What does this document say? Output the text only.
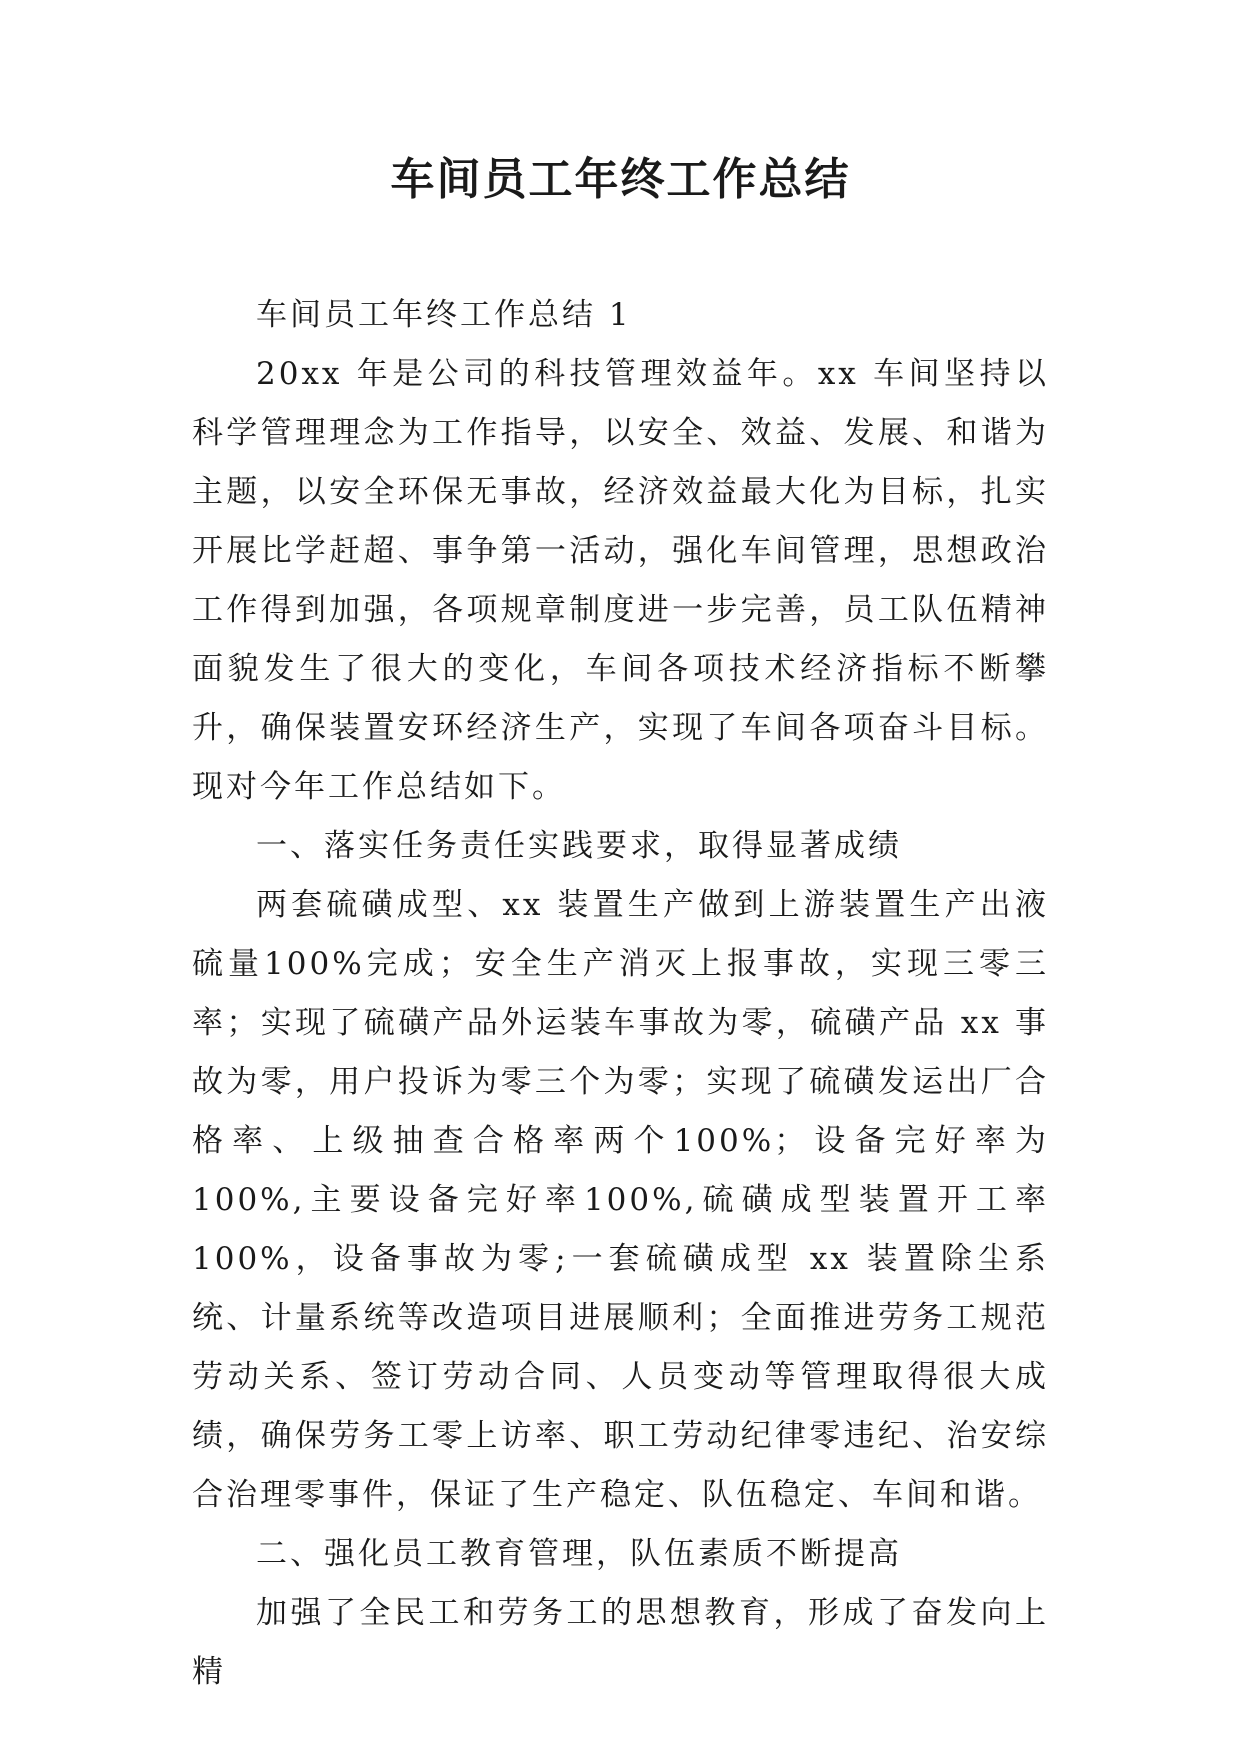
车间员工年终工作总结

车间员工年终工作总结 1

20xx 年是公司的科技管理效益年。xx 车间坚持以科学管理理念为工作指导，以安全、效益、发展、和谐为主题，以安全环保无事故，经济效益最大化为目标，扎实开展比学赶超、事争第一活动，强化车间管理，思想政治工作得到加强，各项规章制度进一步完善，员工队伍精神面貌发生了很大的变化，车间各项技术经济指标不断攀升，确保装置安环经济生产，实现了车间各项奋斗目标。现对今年工作总结如下。

一、落实任务责任实践要求，取得显著成绩

两套硫磺成型、xx 装置生产做到上游装置生产出液硫量100%完成；安全生产消灭上报事故，实现三零三率；实现了硫磺产品外运装车事故为零，硫磺产品 xx 事故为零，用户投诉为零三个为零；实现了硫磺发运出厂合格率、上级抽查合格率两个100%；设备完好率为100%,主要设备完好率100%,硫磺成型装置开工率 100%，设备事故为零;一套硫磺成型 xx 装置除尘系统、计量系统等改造项目进展顺利；全面推进劳务工规范劳动关系、签订劳动合同、人员变动等管理取得很大成绩，确保劳务工零上访率、职工劳动纪律零违纪、治安综合治理零事件，保证了生产稳定、队伍稳定、车间和谐。

二、强化员工教育管理，队伍素质不断提高

加强了全民工和劳务工的思想教育，形成了奋发向上精
